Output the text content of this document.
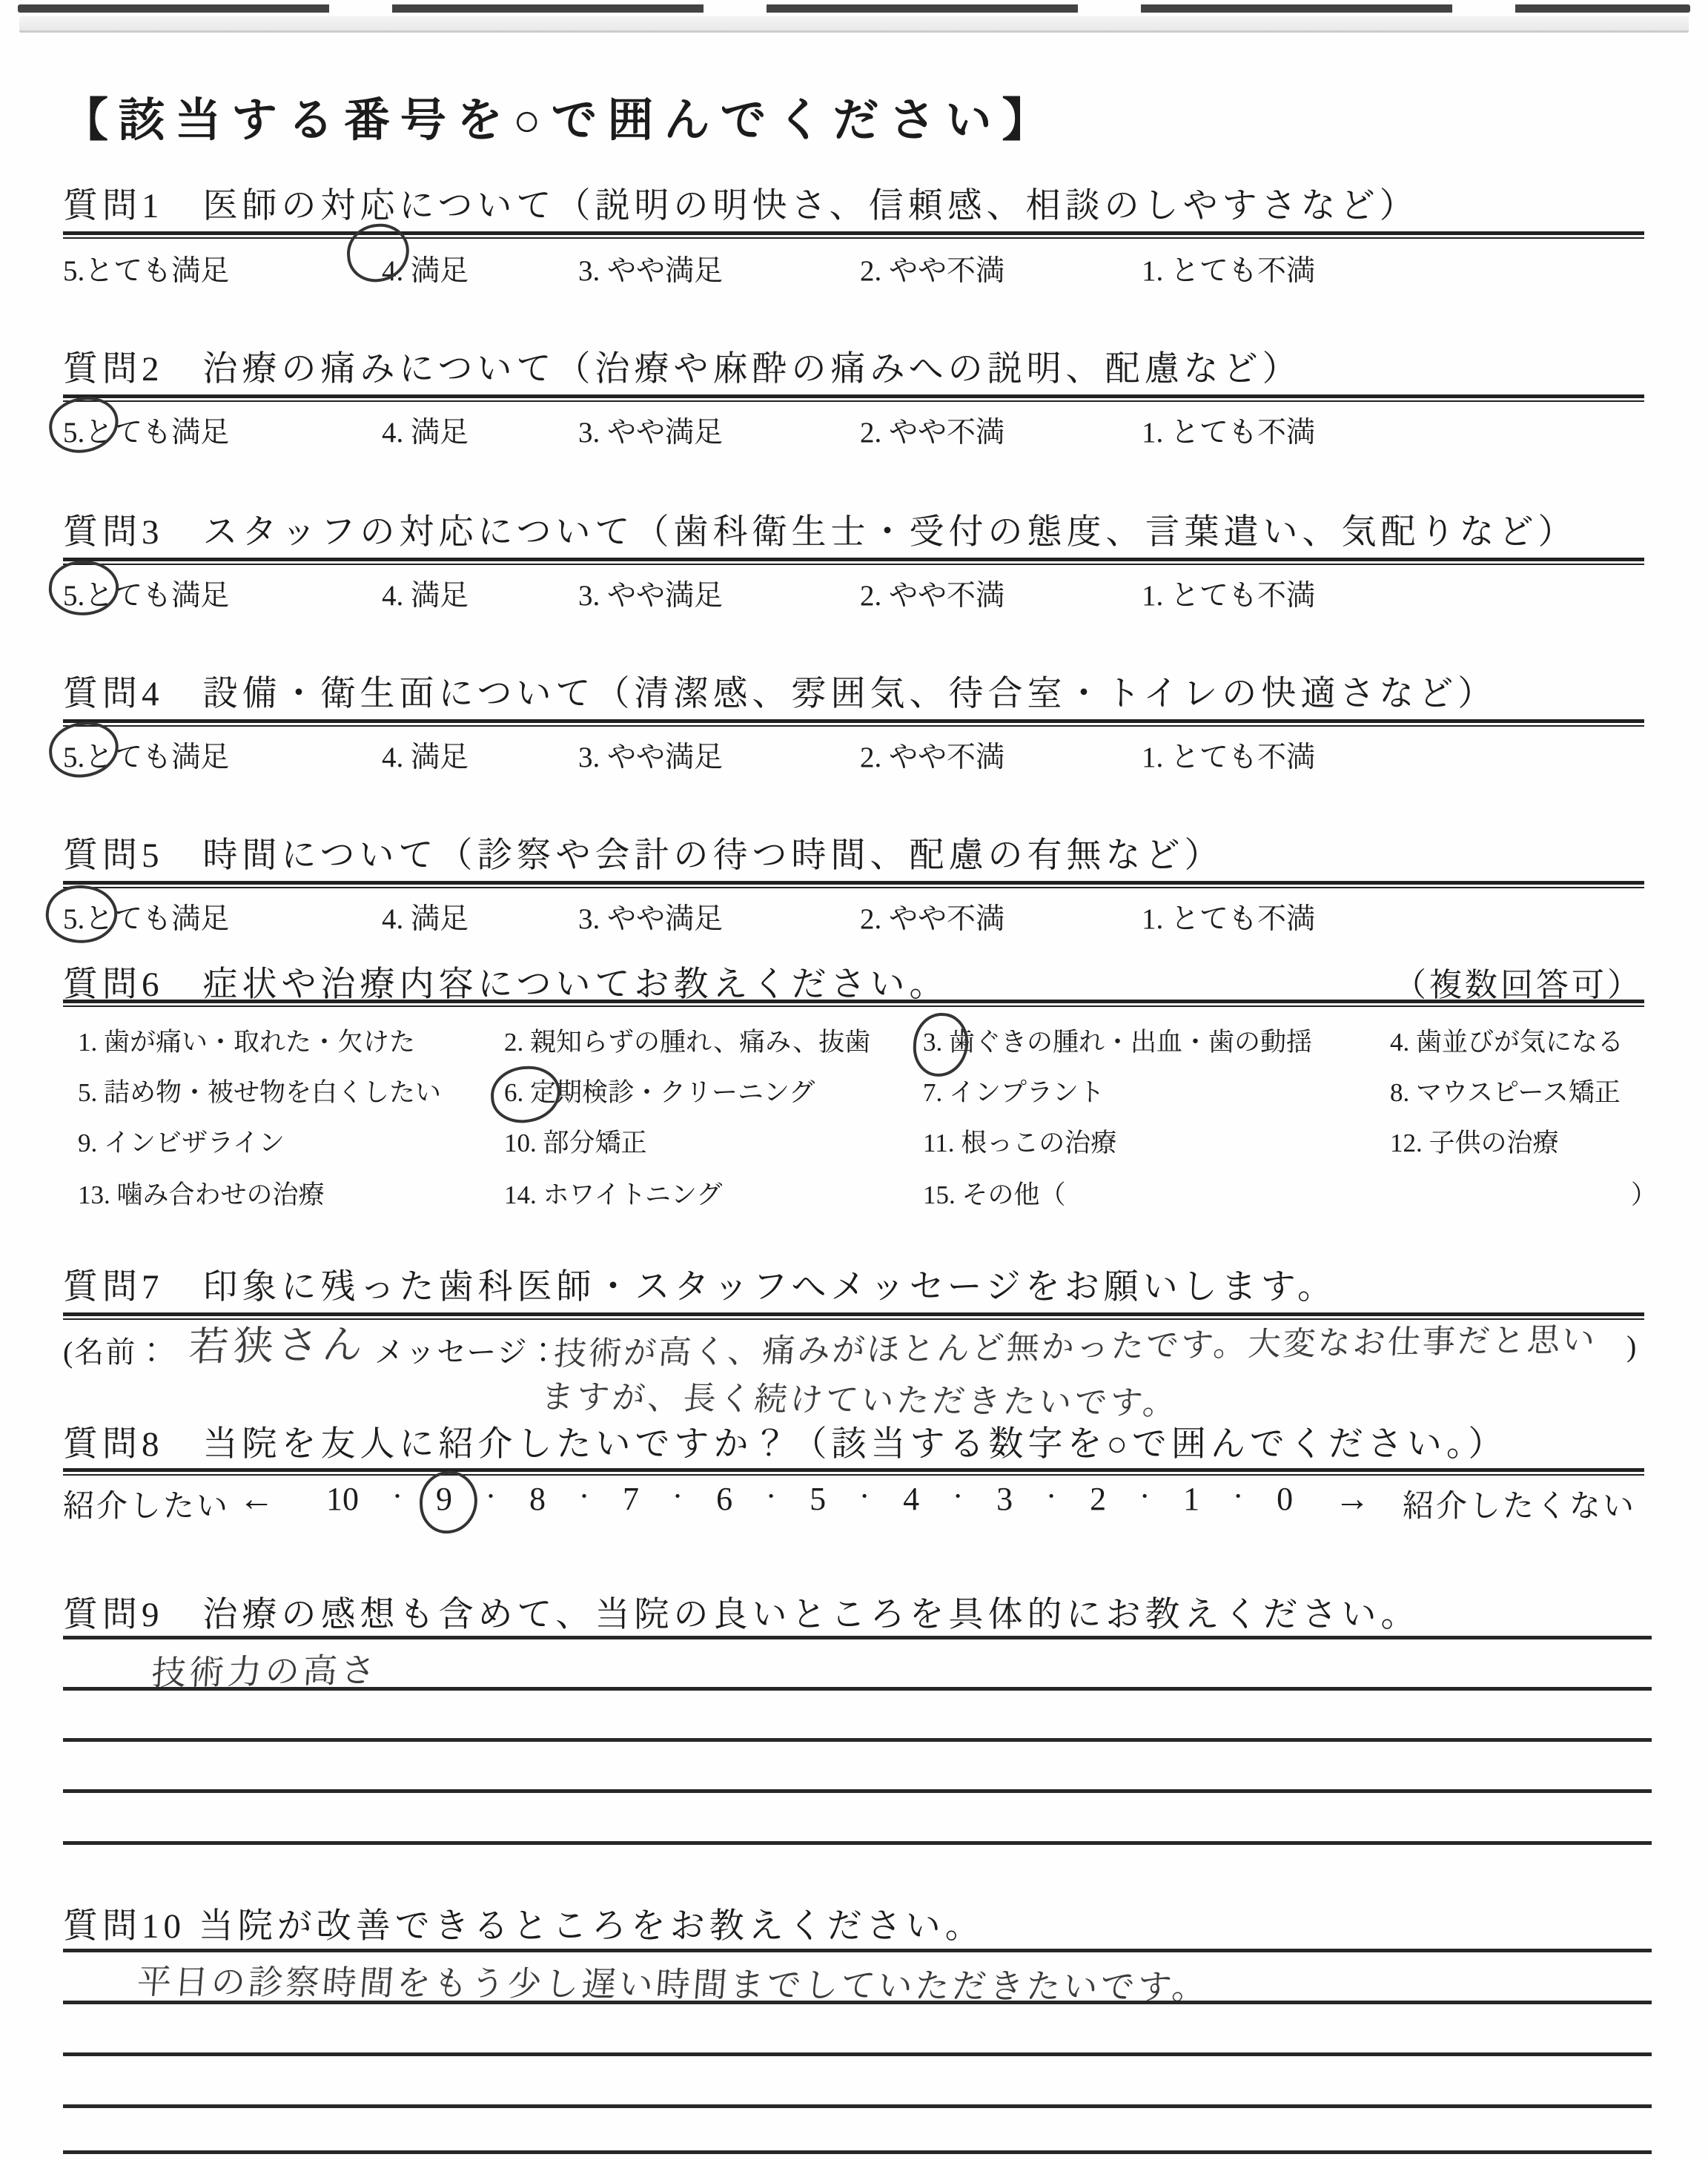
【該当する番号を○で囲んでください】
質問1　医師の対応について（説明の明快さ、信頼感、相談のしやすさなど）
5.とても満足	4. 満足	3. やや満足	2. やや不満	1. とても不満
質問2　治療の痛みについて（治療や麻酔の痛みへの説明、配慮など）
5.とても満足	4. 満足	3. やや満足	2. やや不満	1. とても不満
質問3　スタッフの対応について（歯科衛生士・受付の態度、言葉遣い、気配りなど）
5.とても満足	4. 満足	3. やや満足	2. やや不満	1. とても不満
質問4　設備・衛生面について（清潔感、雰囲気、待合室・トイレの快適さなど）
5.とても満足	4. 満足	3. やや満足	2. やや不満	1. とても不満
質問5　時間について（診察や会計の待つ時間、配慮の有無など）
5.とても満足	4. 満足	3. やや満足	2. やや不満	1. とても不満
質問6　症状や治療内容についてお教えください。	（複数回答可）
1. 歯が痛い・取れた・欠けた	2. 親知らずの腫れ、痛み、抜歯 3. 歯ぐきの腫れ・出血・歯の動揺	4. 歯並びが気になる
5. 詰め物・被せ物を白くしたい 6. 定期検診・クリーニング	7. インプラント	8. マウスピース矯正
9. インビザライン	10. 部分矯正	11. 根っこの治療	12. 子供の治療
13. 噛み合わせの治療	14. ホワイトニング	15. その他（	）
質問7　印象に残った歯科医師・スタッフへメッセージをお願いします。
(名前： 若狭さん メッセージ：
技術が高く、痛みがほとんど無かったです。大変なお仕事だと思い )
ますが、長く続けていただきたいです。
質問8　当院を友人に紹介したいですか？（該当する数字を○で囲んでください。）
紹介したい ← 10 ・ 9 ・ 8 ・ 7 ・ 6 ・ 5 ・ 4 ・ 3 ・ 2 ・ 1 ・ 0 → 紹介したくない
質問9　治療の感想も含めて、当院の良いところを具体的にお教えください。
技術力の高さ
質問10 当院が改善できるところをお教えください。
平日の診察時間をもう少し遅い時間までしていただきたいです。
